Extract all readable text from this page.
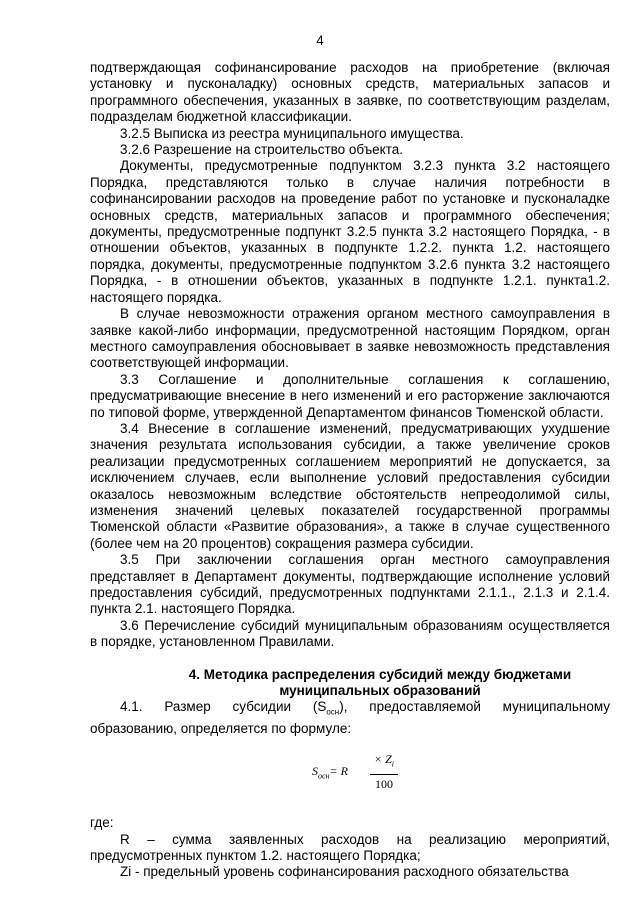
4

подтверждающая софинансирование расходов на приобретение (включая установку и пусконаладку) основных средств, материальных запасов и программного обеспечения, указанных в заявке, по соответствующим разделам, подразделам бюджетной классификации.

3.2.5 Выписка из реестра муниципального имущества.

3.2.6 Разрешение на строительство объекта.

Документы, предусмотренные подпунктом 3.2.3 пункта 3.2 настоящего Порядка, представляются только в случае наличия потребности в софинансировании расходов на проведение работ по установке и пусконаладке основных средств, материальных запасов и программного обеспечения; документы, предусмотренные подпункт 3.2.5 пункта 3.2 настоящего Порядка, - в отношении объектов, указанных в подпункте 1.2.2. пункта 1.2. настоящего порядка, документы, предусмотренные подпунктом 3.2.6 пункта 3.2 настоящего Порядка, - в отношении объектов, указанных в подпункте 1.2.1. пункта1.2. настоящего порядка.

В случае невозможности отражения органом местного самоуправления в заявке какой-либо информации, предусмотренной настоящим Порядком, орган местного самоуправления обосновывает в заявке невозможность представления соответствующей информации.

3.3 Соглашение и дополнительные соглашения к соглашению, предусматривающие внесение в него изменений и его расторжение заключаются по типовой форме, утвержденной Департаментом финансов Тюменской области.

3.4 Внесение в соглашение изменений, предусматривающих ухудшение значения результата использования субсидии, а также увеличение сроков реализации предусмотренных соглашением мероприятий не допускается, за исключением случаев, если выполнение условий предоставления субсидии оказалось невозможным вследствие обстоятельств непреодолимой силы, изменения значений целевых показателей государственной программы Тюменской области «Развитие образования», а также в случае существенного (более чем на 20 процентов) сокращения размера субсидии.

3.5 При заключении соглашения орган местного самоуправления представляет в Департамент документы, подтверждающие исполнение условий предоставления субсидий, предусмотренных подпунктами 2.1.1., 2.1.3 и 2.1.4. пункта 2.1. настоящего Порядка.

3.6 Перечисление субсидий муниципальным образованиям осуществляется в порядке, установленном Правилами.

4. Методика распределения субсидий между бюджетами
муниципальных образований

4.1. Размер субсидии $(S_{осн})$, предоставляемой муниципальному образованию, определяется по формуле:

$S_{осн}= R \frac{\times Z_i}{100}$

где:

R – сумма заявленных расходов на реализацию мероприятий, предусмотренных пунктом 1.2. настоящего Порядка;

Zi - предельный уровень софинансирования расходного обязательства
